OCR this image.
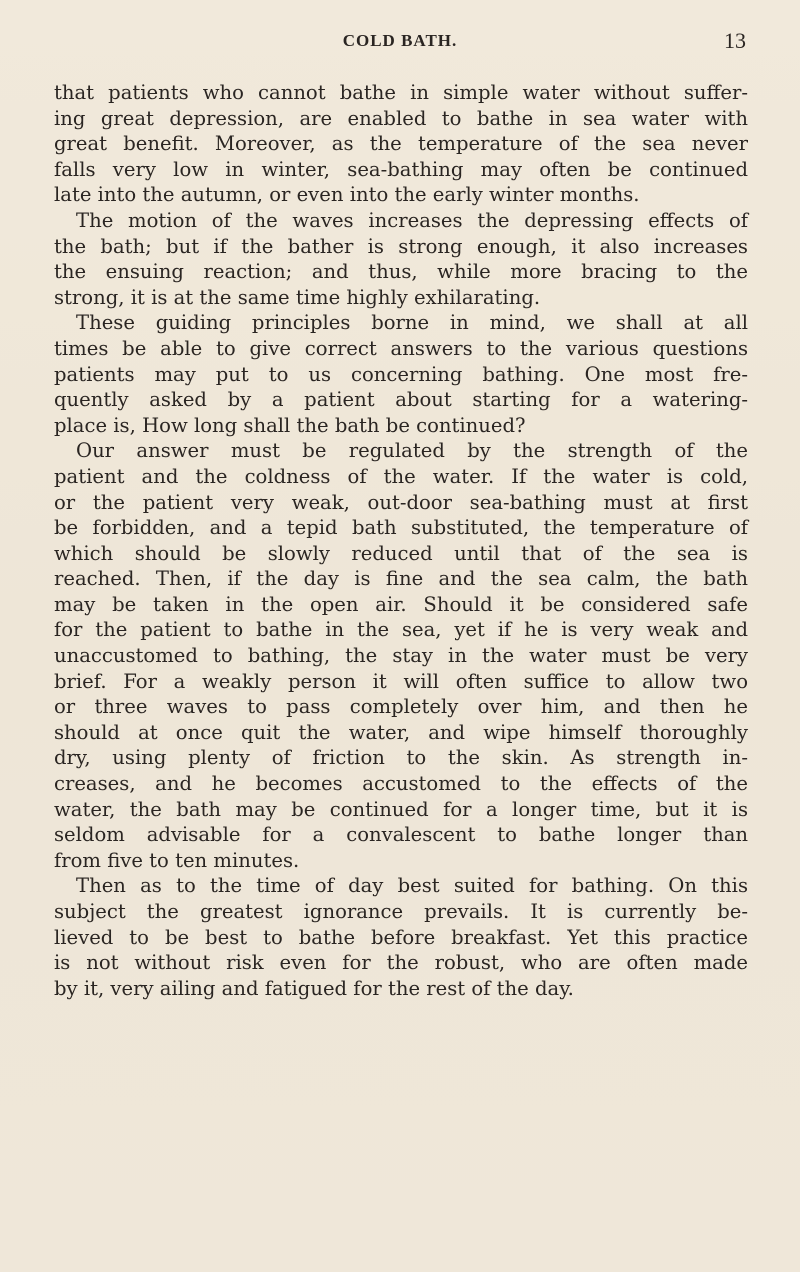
COLD BATH.	13
that patients who cannot bathe in simple water without suffer-
ing great depression, are enabled to bathe in sea water with
great benefit. Moreover, as the temperature of the sea never
falls very low in winter, sea-bathing may often be continued
late into the autumn, or even into the early winter months.
The motion of the waves increases the depressing effects of
the bath; but if the bather is strong enough, it also increases
the ensuing reaction; and thus, while more bracing to the
strong, it is at the same time highly exhilarating.
These guiding principles borne in mind, we shall at all
times be able to give correct answers to the various questions
patients may put to us concerning bathing. One most fre-
quently asked by a patient about starting for a watering-
place is, How long shall the bath be continued?
Our answer must be regulated by the strength of the
patient and the coldness of the water. If the water is cold,
or the patient very weak, out-door sea-bathing must at first
be forbidden, and a tepid bath substituted, the temperature of
which should be slowly reduced until that of the sea is
reached. Then, if the day is fine and the sea calm, the bath
may be taken in the open air. Should it be considered safe
for the patient to bathe in the sea, yet if he is very weak and
unaccustomed to bathing, the stay in the water must be very
brief. For a weakly person it will often suffice to allow two
or three waves to pass completely over him, and then he
should at once quit the water, and wipe himself thoroughly
dry, using plenty of friction to the skin. As strength in-
creases, and he becomes accustomed to the effects of the
water, the bath may be continued for a longer time, but it is
seldom advisable for a convalescent to bathe longer than
from five to ten minutes.
Then as to the time of day best suited for bathing. On this
subject the greatest ignorance prevails. It is currently be-
lieved to be best to bathe before breakfast. Yet this practice
is not without risk even for the robust, who are often made
by it, very ailing and fatigued for the rest of the day.
